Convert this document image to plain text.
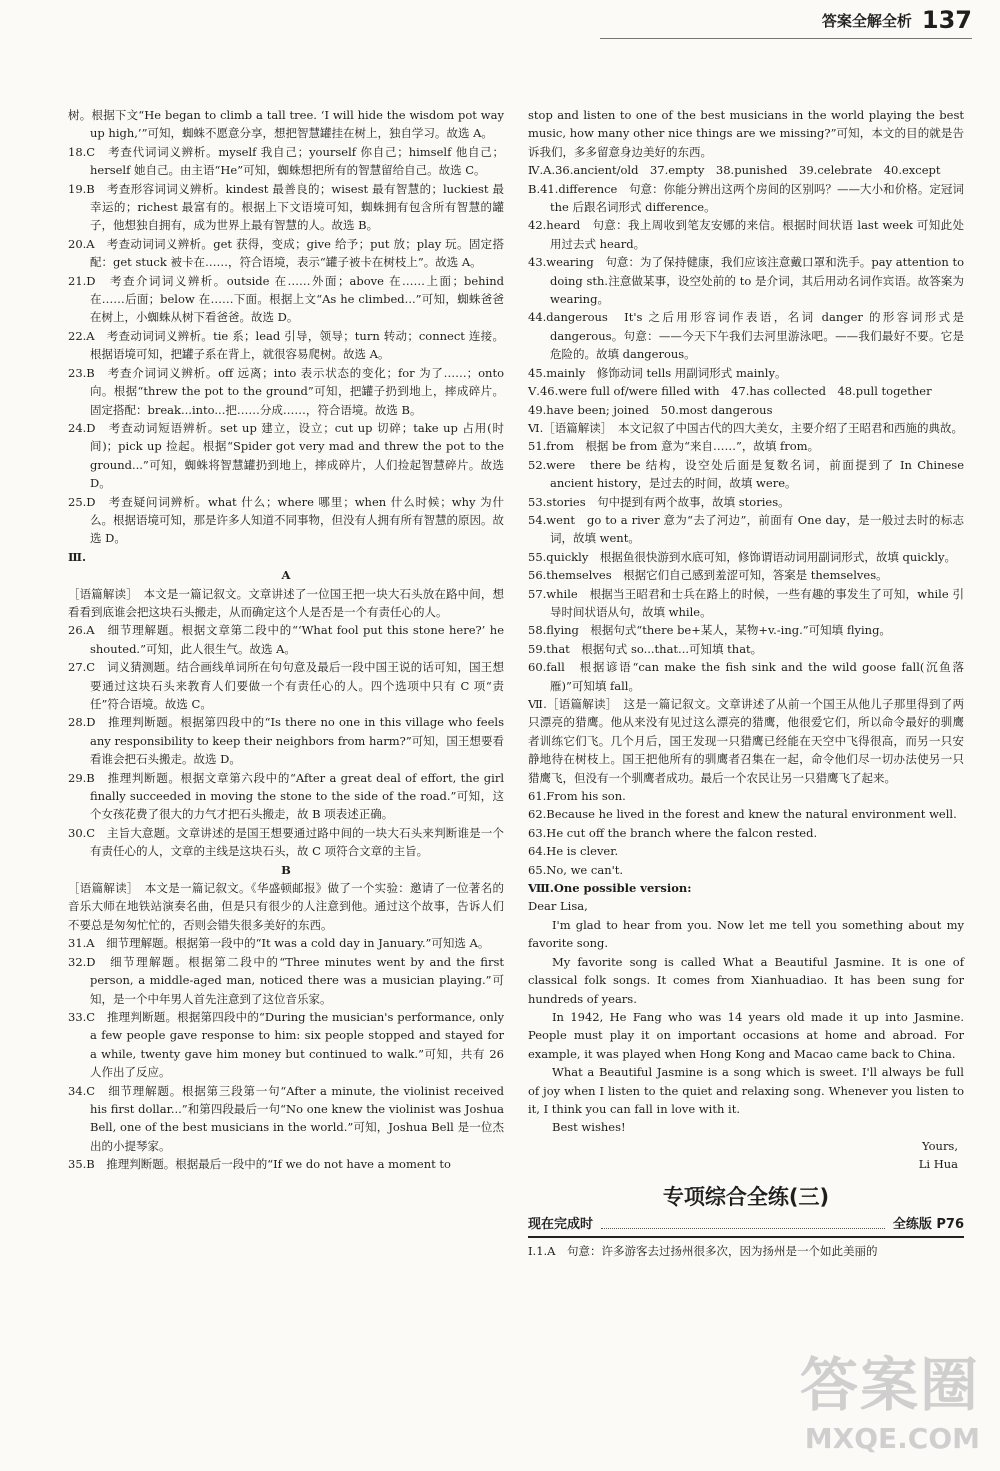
答案全解全析 137

树。根据下文“He began to climb a tall tree. ‘I will hide the wisdom pot way up high,’”可知，蜘蛛不愿意分享，想把智慧罐挂在树上，独自学习。故选 A。

18.C　考查代词词义辨析。myself 我自己；yourself 你自己；himself 他自己；herself 她自己。由主语“He”可知，蜘蛛想把所有的智慧留给自己。故选 C。

19.B　考查形容词词义辨析。kindest 最善良的；wisest 最有智慧的；luckiest 最幸运的；richest 最富有的。根据上下文语境可知，蜘蛛拥有包含所有智慧的罐子，他想独自拥有，成为世界上最有智慧的人。故选 B。

20.A　考查动词词义辨析。get 获得，变成；give 给予；put 放；play 玩。固定搭配：get stuck 被卡在……，符合语境，表示“罐子被卡在树枝上”。故选 A。

21.D　考查介词词义辨析。outside 在……外面；above 在……上面；behind 在……后面；below 在……下面。根据上文“As he climbed...”可知，蜘蛛爸爸在树上，小蜘蛛从树下看爸爸。故选 D。

22.A　考查动词词义辨析。tie 系；lead 引导，领导；turn 转动；connect 连接。根据语境可知，把罐子系在背上，就很容易爬树。故选 A。

23.B　考查介词词义辨析。off 远离；into 表示状态的变化；for 为了……；onto 向。根据“threw the pot to the ground”可知，把罐子扔到地上，摔成碎片。固定搭配：break...into...把……分成……，符合语境。故选 B。

24.D　考查动词短语辨析。set up 建立，设立；cut up 切碎；take up 占用(时间)；pick up 捡起。根据“Spider got very mad and threw the pot to the ground...”可知，蜘蛛将智慧罐扔到地上，摔成碎片，人们捡起智慧碎片。故选 D。

25.D　考查疑问词辨析。what 什么；where 哪里；when 什么时候；why 为什么。根据语境可知，那是许多人知道不同事物，但没有人拥有所有智慧的原因。故选 D。

Ⅲ.

A

［语篇解读］　本文是一篇记叙文。文章讲述了一位国王把一块大石头放在路中间，想看看到底谁会把这块石头搬走，从而确定这个人是否是一个有责任心的人。

26.A　细节理解题。根据文章第二段中的“‘What fool put this stone here?’ he shouted.”可知，此人很生气。故选 A。

27.C　词义猜测题。结合画线单词所在句句意及最后一段中国王说的话可知，国王想要通过这块石头来教育人们要做一个有责任心的人。四个选项中只有 C 项“责任”符合语境。故选 C。

28.D　推理判断题。根据第四段中的“Is there no one in this village who feels any responsibility to keep their neighbors from harm?”可知，国王想要看看谁会把石头搬走。故选 D。

29.B　推理判断题。根据文章第六段中的“After a great deal of effort, the girl finally succeeded in moving the stone to the side of the road.”可知，这个女孩花费了很大的力气才把石头搬走，故 B 项表述正确。

30.C　主旨大意题。文章讲述的是国王想要通过路中间的一块大石头来判断谁是一个有责任心的人，文章的主线是这块石头，故 C 项符合文章的主旨。

B

［语篇解读］　本文是一篇记叙文。《华盛顿邮报》做了一个实验：邀请了一位著名的音乐大师在地铁站演奏名曲，但是只有很少的人注意到他。通过这个故事，告诉人们不要总是匆匆忙忙的，否则会错失很多美好的东西。

31.A　细节理解题。根据第一段中的“It was a cold day in January.”可知选 A。

32.D　细节理解题。根据第二段中的“Three minutes went by and the first person, a middle-aged man, noticed there was a musician playing.”可知，是一个中年男人首先注意到了这位音乐家。

33.C　推理判断题。根据第四段中的“During the musician's performance, only a few people gave response to him: six people stopped and stayed for a while, twenty gave him money but continued to walk.”可知，共有 26 人作出了反应。

34.C　细节理解题。根据第三段第一句“After a minute, the violinist received his first dollar...”和第四段最后一句“No one knew the violinist was Joshua Bell, one of the best musicians in the world.”可知，Joshua Bell 是一位杰出的小提琴家。

35.B　推理判断题。根据最后一段中的“If we do not have a moment to

stop and listen to one of the best musicians in the world playing the best music, how many other nice things are we missing?”可知，本文的目的就是告诉我们，多多留意身边美好的东西。

Ⅳ.A.36.ancient/old　37.empty　38.punished　39.celebrate　40.except

B.41.difference　句意：你能分辨出这两个房间的区别吗？——大小和价格。定冠词 the 后跟名词形式 difference。

42.heard　句意：我上周收到笔友安娜的来信。根据时间状语 last week 可知此处用过去式 heard。

43.wearing　句意：为了保持健康，我们应该注意戴口罩和洗手。pay attention to doing sth.注意做某事，设空处前的 to 是介词，其后用动名词作宾语。故答案为 wearing。

44.dangerous　It's 之后用形容词作表语，名词 danger 的形容词形式是 dangerous。句意：——今天下午我们去河里游泳吧。——我们最好不要。它是危险的。故填 dangerous。

45.mainly　修饰动词 tells 用副词形式 mainly。

Ⅴ.46.were full of/were filled with　47.has collected　48.pull together

49.have been; joined　50.most dangerous

Ⅵ.［语篇解读］　本文记叙了中国古代的四大美女，主要介绍了王昭君和西施的典故。

51.from　根据 be from 意为“来自……”，故填 from。

52.were　there be 结构，设空处后面是复数名词，前面提到了 In Chinese ancient history，是过去的时间，故填 were。

53.stories　句中提到有两个故事，故填 stories。

54.went　go to a river 意为“去了河边”，前面有 One day，是一般过去时的标志词，故填 went。

55.quickly　根据鱼很快游到水底可知，修饰谓语动词用副词形式，故填 quickly。

56.themselves　根据它们自己感到羞涩可知，答案是 themselves。

57.while　根据当王昭君和士兵在路上的时候，一些有趣的事发生了可知，while 引导时间状语从句，故填 while。

58.flying　根据句式“there be+某人，某物+v.-ing.”可知填 flying。

59.that　根据句式 so...that...可知填 that。

60.fall　根据谚语“can make the fish sink and the wild goose fall(沉鱼落雁)”可知填 fall。

Ⅶ.［语篇解读］　这是一篇记叙文。文章讲述了从前一个国王从他儿子那里得到了两只漂亮的猎鹰。他从来没有见过这么漂亮的猎鹰，他很爱它们，所以命令最好的驯鹰者训练它们飞。几个月后，国王发现一只猎鹰已经能在天空中飞得很高，而另一只安静地待在树枝上。国王把他所有的驯鹰者召集在一起，命令他们尽一切办法使另一只猎鹰飞，但没有一个驯鹰者成功。最后一个农民让另一只猎鹰飞了起来。

61.From his son.

62.Because he lived in the forest and knew the natural environment well.

63.He cut off the branch where the falcon rested.

64.He is clever.

65.No, we can't.

Ⅷ.One possible version:

Dear Lisa,

I'm glad to hear from you. Now let me tell you something about my favorite song.

My favorite song is called What a Beautiful Jasmine. It is one of classical folk songs. It comes from Xianhuadiao. It has been sung for hundreds of years.

In 1942, He Fang who was 14 years old made it up into Jasmine. People must play it on important occasions at home and abroad. For example, it was played when Hong Kong and Macao came back to China.

What a Beautiful Jasmine is a song which is sweet. I'll always be full of joy when I listen to the quiet and relaxing song. Whenever you listen to it, I think you can fall in love with it.

Best wishes!

Yours,

Li Hua

专项综合全练(三)
现在完成时	全练版 P76

Ⅰ.1.A　句意：许多游客去过扬州很多次，因为扬州是一个如此美丽的

答案圈
MXQE.COM
